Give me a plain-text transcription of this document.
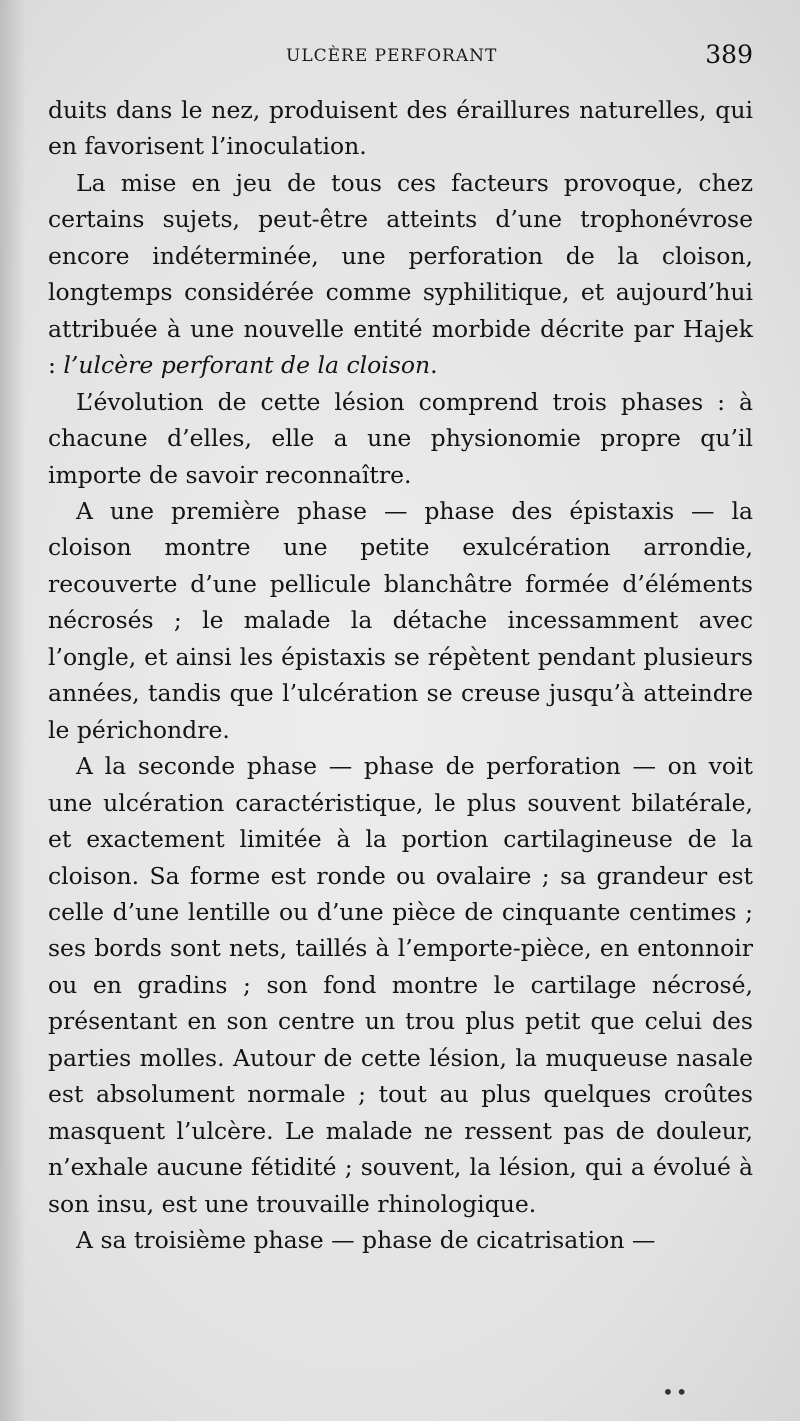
ULCÈRE PERFORANT	389

duits dans le nez, produisent des éraillures naturelles, qui en favorisent l’inoculation.

La mise en jeu de tous ces facteurs provoque, chez certains sujets, peut-être atteints d’une trophonévrose encore indéterminée, une perforation de la cloison, longtemps considérée comme syphilitique, et aujourd’hui attribuée à une nouvelle entité morbide décrite par Hajek : l’ulcère perforant de la cloison.

L’évolution de cette lésion comprend trois phases : à chacune d’elles, elle a une physionomie propre qu’il importe de savoir reconnaître.

A une première phase — phase des épistaxis — la cloison montre une petite exulcération arrondie, recouverte d’une pellicule blanchâtre formée d’éléments nécrosés ; le malade la détache incessamment avec l’ongle, et ainsi les épistaxis se répètent pendant plusieurs années, tandis que l’ulcération se creuse jusqu’à atteindre le périchondre.

A la seconde phase — phase de perforation — on voit une ulcération caractéristique, le plus souvent bilatérale, et exactement limitée à la portion cartilagineuse de la cloison. Sa forme est ronde ou ovalaire ; sa grandeur est celle d’une lentille ou d’une pièce de cinquante centimes ; ses bords sont nets, taillés à l’emporte-pièce, en entonnoir ou en gradins ; son fond montre le cartilage nécrosé, présentant en son centre un trou plus petit que celui des parties molles. Autour de cette lésion, la muqueuse nasale est absolument normale ; tout au plus quelques croûtes masquent l’ulcère. Le malade ne ressent pas de douleur, n’exhale aucune fétidité ; souvent, la lésion, qui a évolué à son insu, est une trouvaille rhinologique.

A sa troisième phase — phase de cicatrisation —

••
